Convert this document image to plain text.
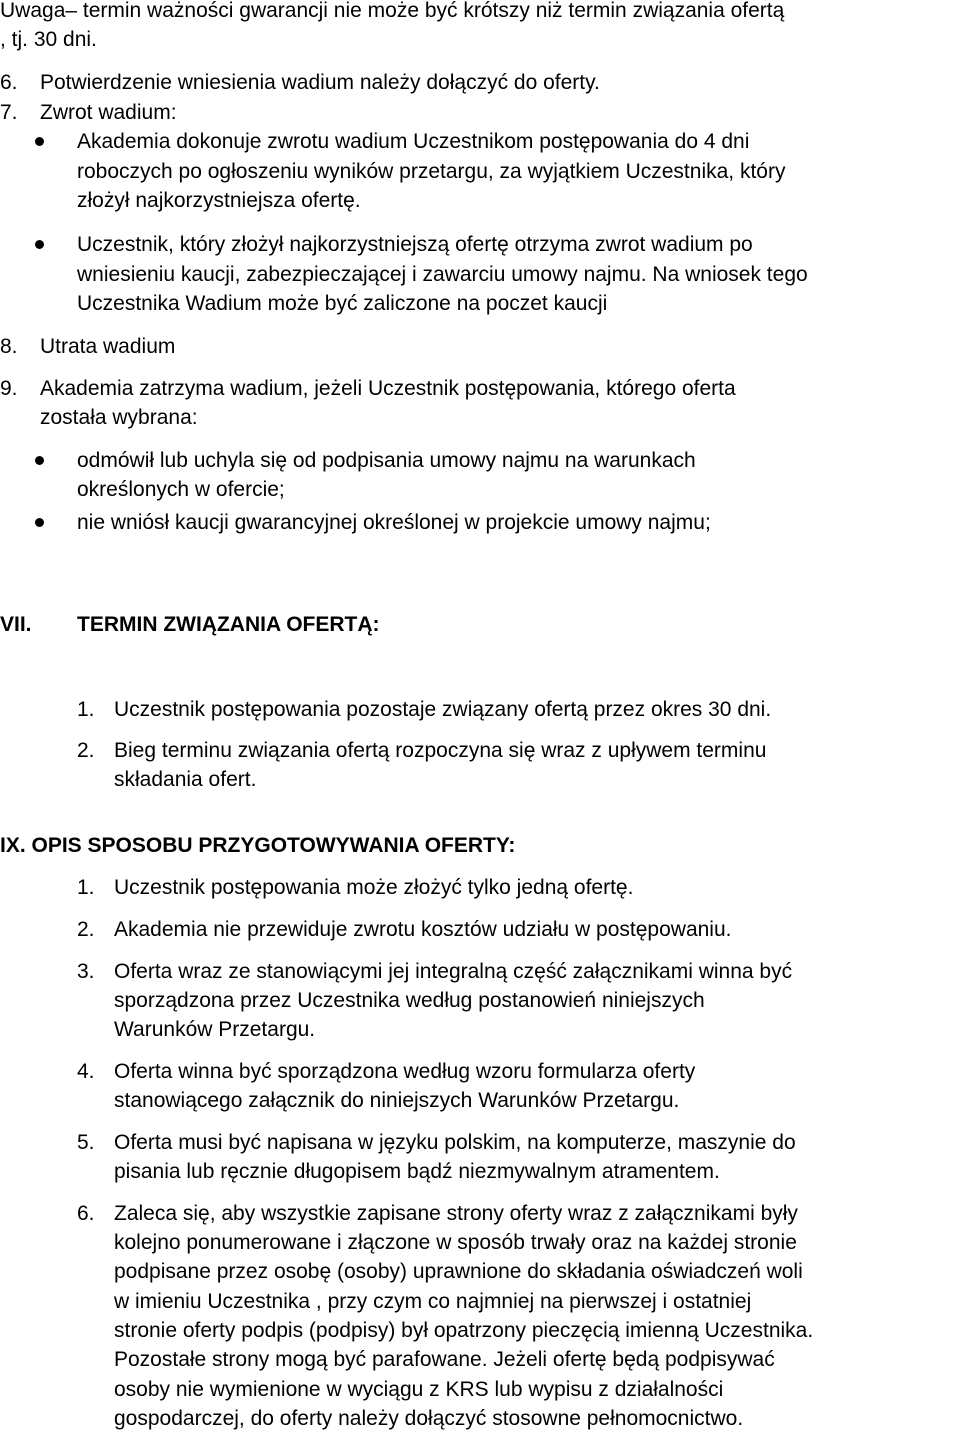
Uwaga– termin ważności gwarancji nie może być krótszy niż termin związania ofertą
, tj. 30 dni.
6. Potwierdzenie wniesienia wadium należy dołączyć do oferty.
7. Zwrot wadium:
Akademia dokonuje zwrotu wadium Uczestnikom postępowania do 4 dni
roboczych po ogłoszeniu wyników przetargu, za wyjątkiem Uczestnika, który
złożył najkorzystniejsza ofertę.
Uczestnik, który złożył najkorzystniejszą ofertę otrzyma zwrot wadium po
wniesieniu kaucji, zabezpieczającej i zawarciu umowy najmu. Na wniosek tego
Uczestnika Wadium może być zaliczone na poczet kaucji
8. Utrata wadium
9. Akademia zatrzyma wadium, jeżeli Uczestnik postępowania, którego oferta
została wybrana:
odmówił lub uchyla się od podpisania umowy najmu na warunkach
określonych w ofercie;
nie wniósł kaucji gwarancyjnej określonej w projekcie umowy najmu;
VII. TERMIN ZWIĄZANIA OFERTĄ:
1. Uczestnik postępowania pozostaje związany ofertą przez okres 30 dni.
2. Bieg terminu związania ofertą rozpoczyna się wraz z upływem terminu
składania ofert.
IX. OPIS SPOSOBU PRZYGOTOWYWANIA OFERTY:
1. Uczestnik postępowania może złożyć tylko jedną ofertę.
2. Akademia nie przewiduje zwrotu kosztów udziału w postępowaniu.
3. Oferta wraz ze stanowiącymi jej integralną część załącznikami winna być
sporządzona przez Uczestnika według postanowień niniejszych
Warunków Przetargu.
4. Oferta winna być sporządzona według wzoru formularza oferty
stanowiącego załącznik do niniejszych Warunków Przetargu.
5. Oferta musi być napisana w języku polskim, na komputerze, maszynie do
pisania lub ręcznie długopisem bądź niezmywalnym atramentem.
6. Zaleca się, aby wszystkie zapisane strony oferty wraz z załącznikami były
kolejno ponumerowane i złączone w sposób trwały oraz na każdej stronie
podpisane przez osobę (osoby) uprawnione do składania oświadczeń woli
w imieniu Uczestnika , przy czym co najmniej na pierwszej i ostatniej
stronie oferty podpis (podpisy) był opatrzony pieczęcią imienną Uczestnika.
Pozostałe strony mogą być parafowane. Jeżeli ofertę będą podpisywać
osoby nie wymienione w wyciągu z KRS lub wypisu z działalności
gospodarczej, do oferty należy dołączyć stosowne pełnomocnictwo.
